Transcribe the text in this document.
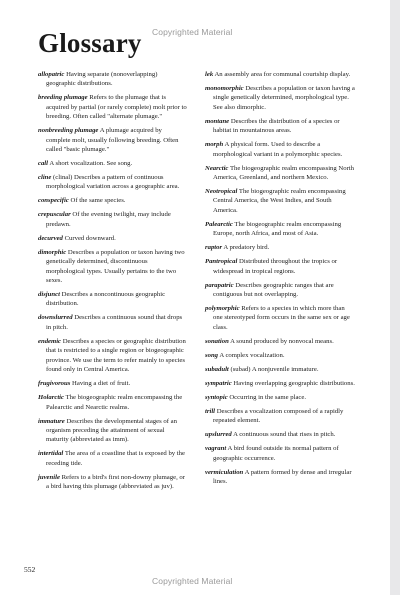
Copyrighted Material
Glossary

allopatric Having separate (nonoverlapping) geographic distributions.

breeding plumage Refers to the plumage that is acquired by partial (or rarely complete) molt prior to breeding. Often called "alternate plumage."

nonbreeding plumage A plumage acquired by complete molt, usually following breeding. Often called "basic plumage."

call A short vocalization. See song.

cline (clinal) Describes a pattern of continuous morphological variation across a geographic area.

conspecific Of the same species.

crepuscular Of the evening twilight, may include predawn.

decurved Curved downward.

dimorphic Describes a population or taxon having two genetically determined, discontinuous morphological types. Usually pertains to the two sexes.

disjunct Describes a noncontinuous geographic distribution.

downslurred Describes a continuous sound that drops in pitch.

endemic Describes a species or geographic distribution that is restricted to a single region or biogeographic province. We use the term to refer mainly to species found only in Central America.

frugivorous Having a diet of fruit.

Holarctic The biogeographic realm encompassing the Palearctic and Nearctic realms.

immature Describes the developmental stages of an organism preceding the attainment of sexual maturity (abbreviated as imm).

intertidal The area of a coastline that is exposed by the receding tide.

juvenile Refers to a bird's first non-downy plumage, or a bird having this plumage (abbreviated as juv).

lek An assembly area for communal courtship display.

monomorphic Describes a population or taxon having a single genetically determined, morphological type. See also dimorphic.

montane Describes the distribution of a species or habitat in mountainous areas.

morph A physical form. Used to describe a morphological variant in a polymorphic species.

Nearctic The biogeographic realm encompassing North America, Greenland, and northern Mexico.

Neotropical The biogeographic realm encompassing Central America, the West Indies, and South America.

Palearctic The biogeographic realm encompassing Europe, north Africa, and most of Asia.

raptor A predatory bird.

Pantropical Distributed throughout the tropics or widespread in tropical regions.

parapatric Describes geographic ranges that are contiguous but not overlapping.

polymorphic Refers to a species in which more than one stereotyped form occurs in the same sex or age class.

sonation A sound produced by nonvocal means.

song A complex vocalization.

subadult (subad) A nonjuvenile immature.

sympatric Having overlapping geographic distributions.

syntopic Occurring in the same place.

trill Describes a vocalization composed of a rapidly repeated element.

upslurred A continuous sound that rises in pitch.

vagrant A bird found outside its normal pattern of geographic occurrence.

vermiculation A pattern formed by dense and irregular lines.

552
Copyrighted Material
